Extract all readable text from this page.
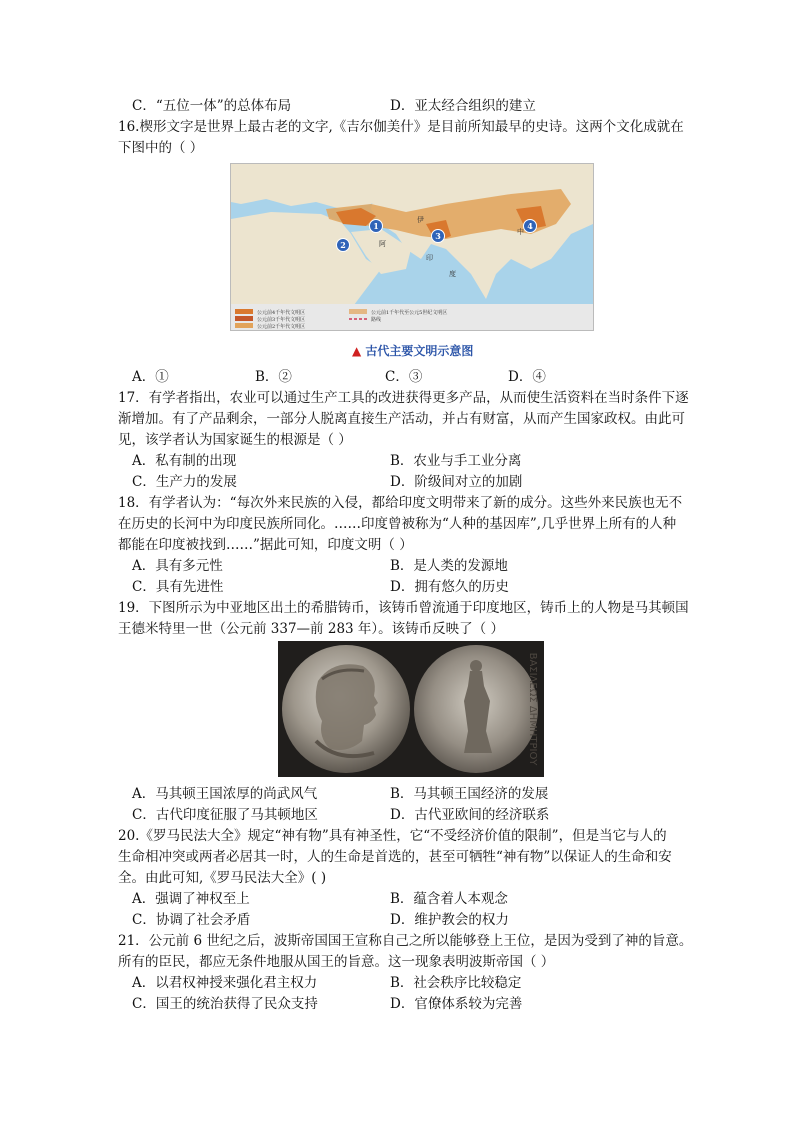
C．“五位一体”的总体布局	D．亚太经合组织的建立
16.楔形文字是世界上最古老的文字,《吉尔伽美什》是目前所知最早的史诗。这两个文化成就在
下图中的（ ）
公元前4千年代文明区
公元前3千年代文明区
公元前2千年代文明区
公元前1千年代至公元5世纪文明区
路线
伊
印
度
中
阿
1
2
3
4
▲ 古代主要文明示意图
A．①	B．②	C．③	D．④
17．有学者指出，农业可以通过生产工具的改进获得更多产品，从而使生活资料在当时条件下逐
渐增加。有了产品剩余，一部分人脱离直接生产活动，并占有财富，从而产生国家政权。由此可
见，该学者认为国家诞生的根源是（ ）
A．私有制的出现	B．农业与手工业分离
C．生产力的发展	D．阶级间对立的加剧
18．有学者认为：“每次外来民族的入侵，都给印度文明带来了新的成分。这些外来民族也无不
在历史的长河中为印度民族所同化。……印度曾被称为“人种的基因库”,几乎世界上所有的人种
都能在印度被找到……”据此可知，印度文明（ ）
A．具有多元性	B．是人类的发源地
C．具有先进性	D．拥有悠久的历史
19．下图所示为中亚地区出土的希腊铸币，该铸币曾流通于印度地区，铸币上的人物是马其顿国
王德米特里一世（公元前 337—前 283 年）。该铸币反映了（ ）
ΒΑΣΙΛΕΩΣ ΔΗΜΗΤΡΙΟΥ
A．马其顿王国浓厚的尚武风气	B．马其顿王国经济的发展
C．古代印度征服了马其顿地区	D．古代亚欧间的经济联系
20.《罗马民法大全》规定“神有物”具有神圣性，它“不受经济价值的限制”，但是当它与人的
生命相冲突或两者必居其一时，人的生命是首选的，甚至可牺牲“神有物”以保证人的生命和安
全。由此可知,《罗马民法大全》( )
A．强调了神权至上	B．蕴含着人本观念
C．协调了社会矛盾	D．维护教会的权力
21．公元前 6 世纪之后，波斯帝国国王宣称自己之所以能够登上王位，是因为受到了神的旨意。
所有的臣民，都应无条件地服从国王的旨意。这一现象表明波斯帝国（ ）
A．以君权神授来强化君主权力	B．社会秩序比较稳定
C．国王的统治获得了民众支持	D．官僚体系较为完善
